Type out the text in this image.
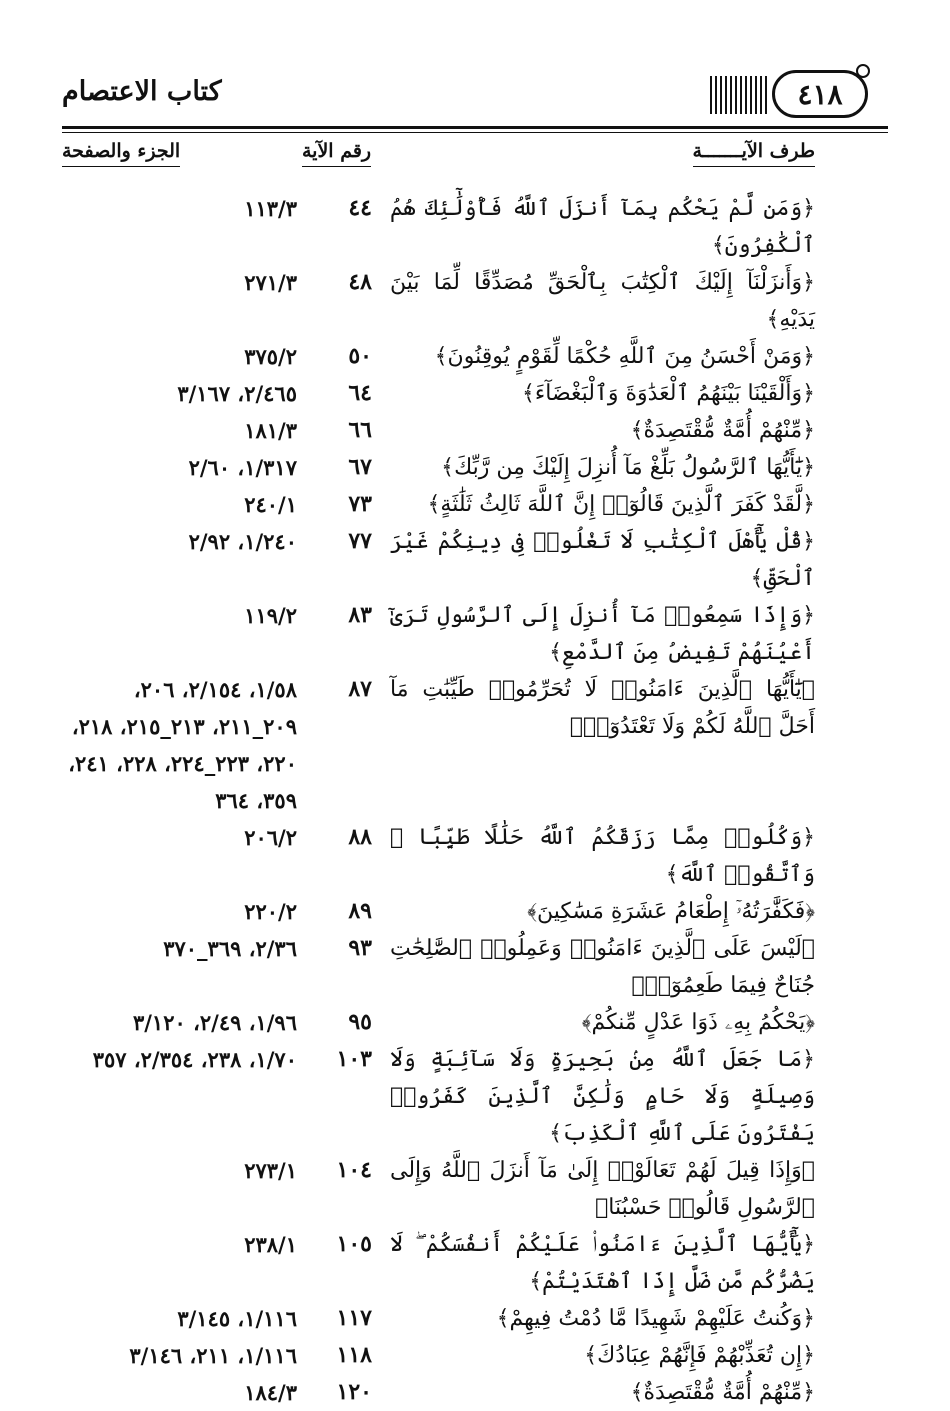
كتاب الاعتصام	٤١٨
طرف الآيـــــــة
رقم الآية
الجزء والصفحة
﴿وَمَن لَّمْ يَحْكُم بِمَآ أَنزَلَ ٱللَّهُ فَأُوْلَٰٓئِكَ هُمُ ٱلْكَٰفِرُونَ﴾
٤٤
١١٣/٣
﴿وَأَنزَلْنَآ إِلَيْكَ ٱلْكِتَٰبَ بِٱلْحَقِّ مُصَدِّقًا لِّمَا بَيْنَ يَدَيْهِ﴾
٤٨
٢٧١/٣
﴿وَمَنْ أَحْسَنُ مِنَ ٱللَّهِ حُكْمًا لِّقَوْمٍ يُوقِنُونَ﴾
٥٠
٣٧٥/٢
﴿وَأَلْقَيْنَا بَيْنَهُمُ ٱلْعَدَٰوَةَ وَٱلْبَغْضَآءَ﴾
٦٤
٢/٤٦٥، ٣/١٦٧
﴿مِّنْهُمْ أُمَّةٌ مُّقْتَصِدَةٌ﴾
٦٦
١٨١/٣
﴿يَٰٓأَيُّهَا ٱلرَّسُولُ بَلِّغْ مَآ أُنزِلَ إِلَيْكَ مِن رَّبِّكَ﴾
٦٧
١/٣١٧، ٢/٦٠
﴿لَّقَدْ كَفَرَ ٱلَّذِينَ قَالُوٓا۟ إِنَّ ٱللَّهَ ثَالِثُ ثَلَٰثَةٍ﴾
٧٣
٢٤٠/١
﴿قُلْ يَٰٓأَهْلَ ٱلْكِتَٰبِ لَا تَغْلُوا۟ فِى دِينِكُمْ غَيْرَ ٱلْحَقِّ﴾
٧٧
١/٢٤٠، ٢/٩٢
﴿وَإِذَا سَمِعُوا۟ مَآ أُنزِلَ إِلَى ٱلرَّسُولِ تَرَىٰٓ أَعْيُنَهُمْ تَفِيضُ مِنَ ٱلدَّمْعِ﴾
٨٣
١١٩/٢
﴿يَٰٓأَيُّهَا ٱلَّذِينَ ءَامَنُوا۟ لَا تُحَرِّمُوا۟ طَيِّبَٰتِ مَآ أَحَلَّ ٱللَّهُ لَكُمْ وَلَا تَعْتَدُوٓا۟﴾
٨٧
١/٥٨، ٢/١٥٤، ٢٠٦، ٢٠٩_٢١١، ٢١٣_٢١٥، ٢١٨، ٢٢٠، ٢٢٣_٢٢٤، ٢٢٨، ٢٤١، ٣٥٩، ٣٦٤
﴿وَكُلُوا۟ مِمَّا رَزَقَكُمُ ٱللَّهُ حَلَٰلًا طَيِّبًا ۚ وَٱتَّقُوا۟ ٱللَّهَ﴾
٨٨
٢٠٦/٢
﴿فَكَفَّٰرَتُهُۥٓ إِطْعَامُ عَشَرَةِ مَسَٰكِينَ﴾
٨٩
٢٢٠/٢
﴿لَيْسَ عَلَى ٱلَّذِينَ ءَامَنُوا۟ وَعَمِلُوا۟ ٱلصَّٰلِحَٰتِ جُنَاحٌ فِيمَا طَعِمُوٓا۟﴾
٩٣
٢/٣٦، ٣٦٩_٣٧٠
﴿يَحْكُمُ بِهِۦ ذَوَا عَدْلٍ مِّنكُمْ﴾
٩٥
١/٩٦، ٢/٤٩، ٣/١٢٠
﴿مَا جَعَلَ ٱللَّهُ مِنۢ بَحِيرَةٍ وَلَا سَآئِبَةٍ وَلَا وَصِيلَةٍ وَلَا حَامٍ وَلَٰكِنَّ ٱلَّذِينَ كَفَرُوا۟ يَفْتَرُونَ عَلَى ٱللَّهِ ٱلْكَذِبَ﴾
١٠٣
١/٧٠، ٢٣٨، ٢/٣٥٤، ٣٥٧
﴿وَإِذَا قِيلَ لَهُمْ تَعَالَوْا۟ إِلَىٰ مَآ أَنزَلَ ٱللَّهُ وَإِلَى ٱلرَّسُولِ قَالُوا۟ حَسْبُنَا﴾
١٠٤
٢٧٣/١
﴿يَٰٓأَيُّهَا ٱلَّذِينَ ءَامَنُوا۟ عَلَيْكُمْ أَنفُسَكُمْ ۖ لَا يَضُرُّكُم مَّن ضَلَّ إِذَا ٱهْتَدَيْتُمْ﴾
١٠٥
٢٣٨/١
﴿وَكُنتُ عَلَيْهِمْ شَهِيدًا مَّا دُمْتُ فِيهِمْ﴾
١١٧
١/١١٦، ٣/١٤٥
﴿إِن تُعَذِّبْهُمْ فَإِنَّهُمْ عِبَادُكَ﴾
١١٨
١/١١٦، ٢١١، ٣/١٤٦
﴿مِّنْهُمْ أُمَّةٌ مُّقْتَصِدَةٌ﴾
١٢٠
١٨٤/٣
